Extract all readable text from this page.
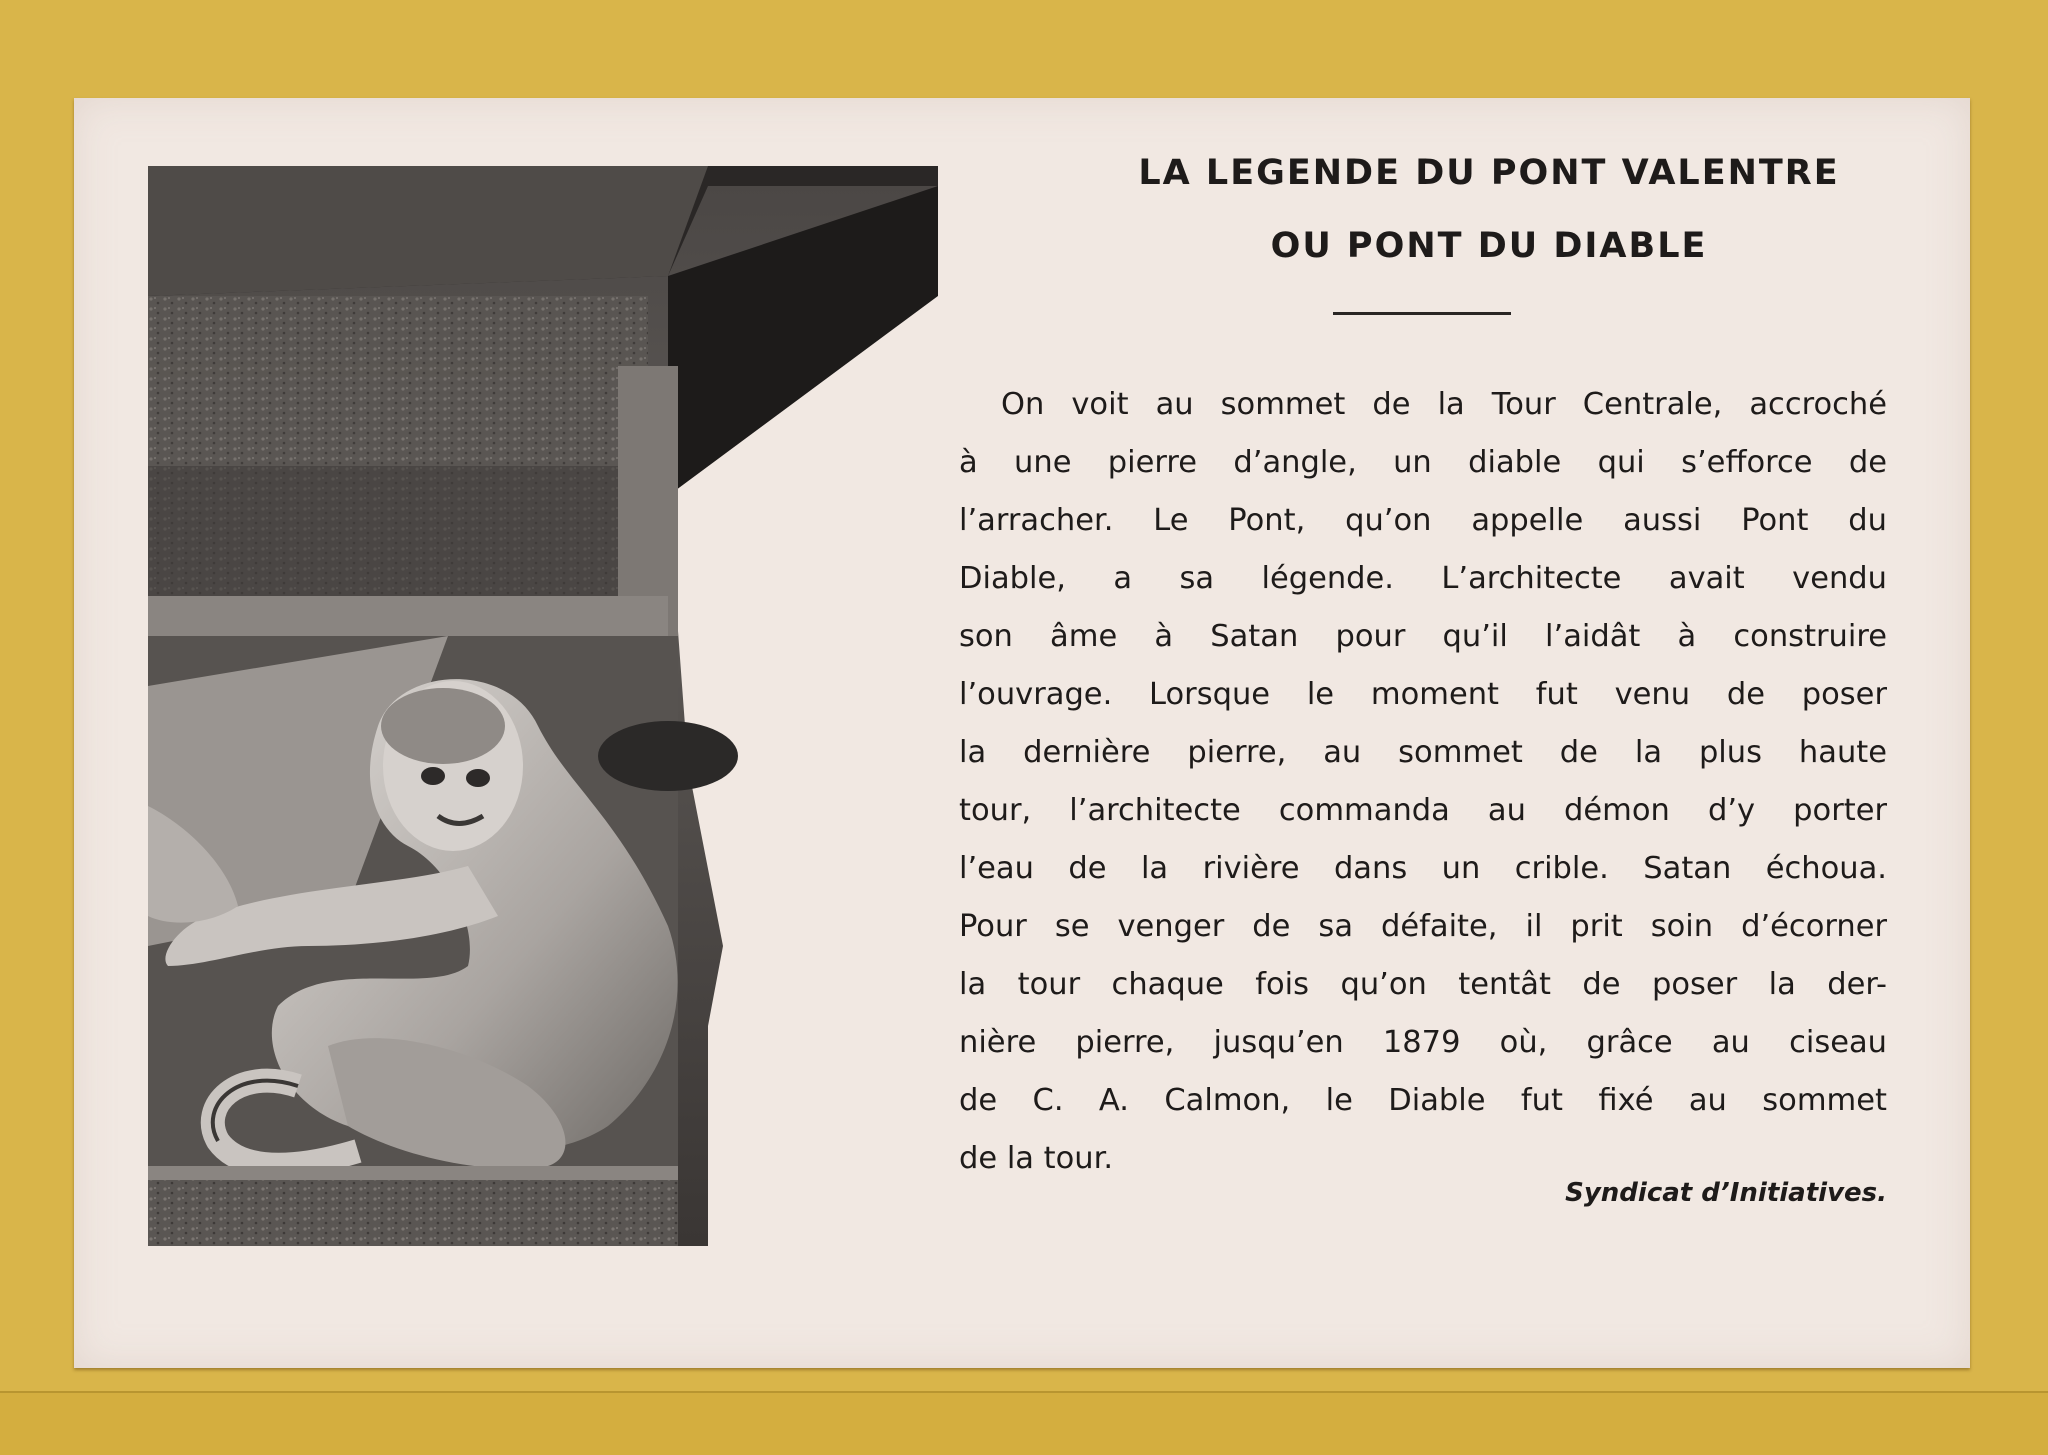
LA LEGENDE DU PONT VALENTRE
OU PONT DU DIABLE
On voit au sommet de la Tour Centrale, accroché
à une pierre d’angle, un diable qui s’efforce de
l’arracher. Le Pont, qu’on appelle aussi Pont du
Diable, a sa légende. L’architecte avait vendu
son âme à Satan pour qu’il l’aidât à construire
l’ouvrage. Lorsque le moment fut venu de poser
la dernière pierre, au sommet de la plus haute
tour, l’architecte commanda au démon d’y porter
l’eau de la rivière dans un crible. Satan échoua.
Pour se venger de sa défaite, il prit soin d’écorner
la tour chaque fois qu’on tentât de poser la der-
nière pierre, jusqu’en 1879 où, grâce au ciseau
de C. A. Calmon, le Diable fut fixé au sommet
de la tour.
Syndicat d’Initiatives.
